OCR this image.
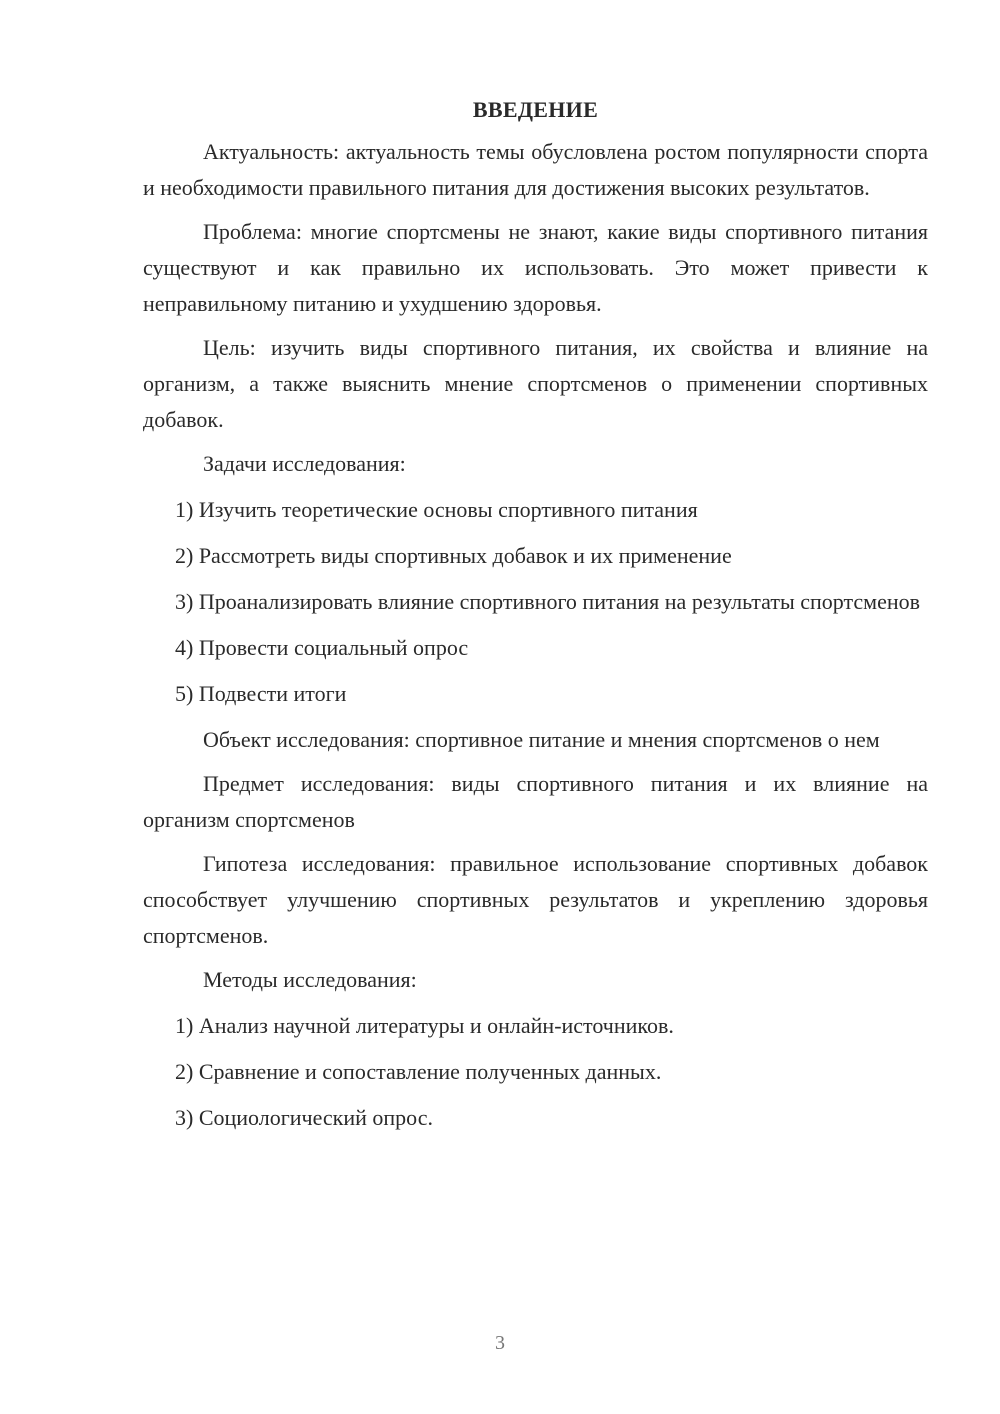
ВВЕДЕНИЕ

Актуальность: актуальность темы обусловлена ростом популярности спорта и необходимости правильного питания для достижения высоких результатов.

Проблема: многие спортсмены не знают, какие виды спортивного питания существуют и как правильно их использовать. Это может привести к неправильному питанию и ухудшению здоровья.

Цель: изучить виды спортивного питания, их свойства и влияние на организм, а также выяснить мнение спортсменов о применении спортивных добавок.

Задачи исследования:

1) Изучить теоретические основы спортивного питания

2) Рассмотреть виды спортивных добавок и их применение

3) Проанализировать влияние спортивного питания на результаты спортсменов

4) Провести социальный опрос

5) Подвести итоги

Объект исследования: спортивное питание и мнения спортсменов о нем

Предмет исследования: виды спортивного питания и их влияние на организм спортсменов

Гипотеза исследования: правильное использование спортивных добавок способствует улучшению спортивных результатов и укреплению здоровья спортсменов.

Методы исследования:

1) Анализ научной литературы и онлайн-источников.

2) Сравнение и сопоставление полученных данных.

3) Социологический опрос.

3
